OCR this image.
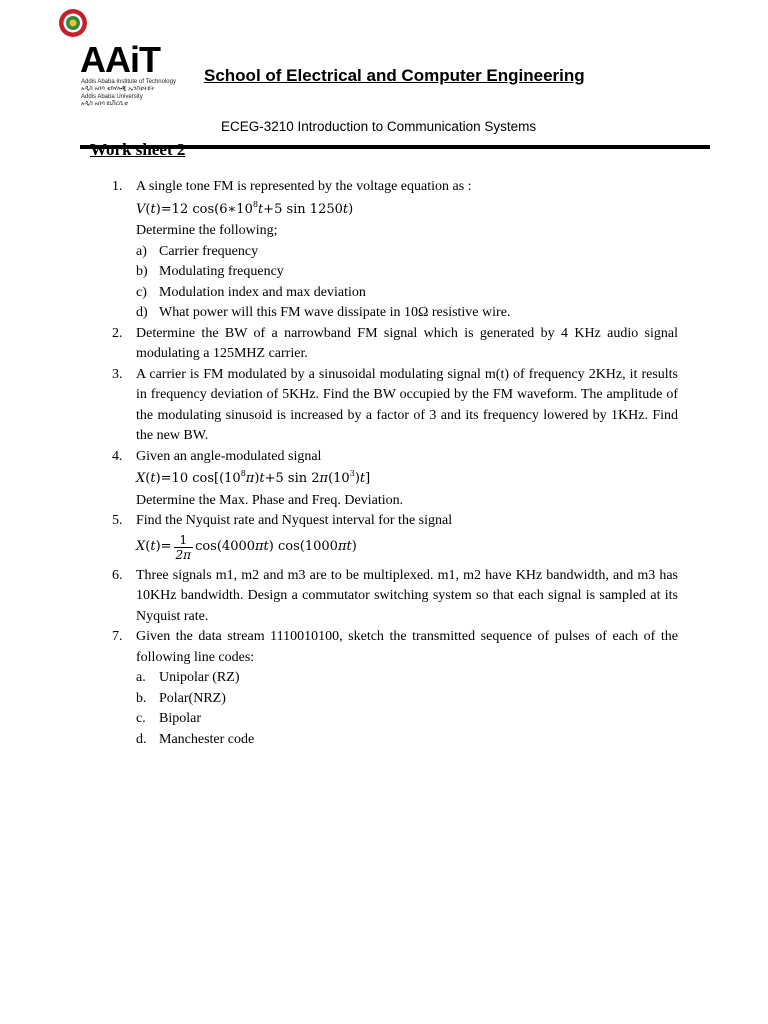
AAiT
Addis Ababa Institute of Technology
አዲስ አበባ ቴክኖሎጂ ኢንስቲትዩት
Addis Ababa University
አዲስ አበባ ዩኒቨርሲቲ
School of Electrical and Computer Engineering
ECEG-3210 Introduction to Communication Systems
Work sheet 2
1. A single tone FM is represented by the voltage equation as :
V(t)=12 $\cos(6∗10^8t+5$ sin 1250t)
Determine the following;
a) Carrier frequency
b) Modulating frequency
c) Modulation index and max deviation
d) What power will this FM wave dissipate in 10Ω resistive wire.
2. Determine the BW of a narrowband FM signal which is generated by 4 KHz audio signal modulating a 125MHZ carrier.
3. A carrier is FM modulated by a sinusoidal modulating signal m(t) of frequency 2KHz, it results in frequency deviation of 5KHz. Find the BW occupied by the FM waveform. The amplitude of the modulating sinusoid is increased by a factor of 3 and its frequency lowered by 1KHz. Find the new BW.
4. Given an angle-modulated signal
X(t)=10 $\cos[(10^8\pi)t+5$ $\sin 2\pi(10^3)t$]
Determine the Max. Phase and Freq. Deviation.
5. Find the Nyquist rate and Nyquest interval for the signal
X ( t )= $\frac{1}{2\pi} \cos(4000$ πt ) cos(1000 πt )
6. Three signals m1, m2 and m3 are to be multiplexed. m1, m2 have KHz bandwidth, and m3 has 10KHz bandwidth. Design a commutator switching system so that each signal is sampled at its Nyquist rate.
7. Given the data stream 1110010100, sketch the transmitted sequence of pulses of each of the following line codes:
a. Unipolar (RZ)
b. Polar(NRZ)
c. Bipolar
d. Manchester code
